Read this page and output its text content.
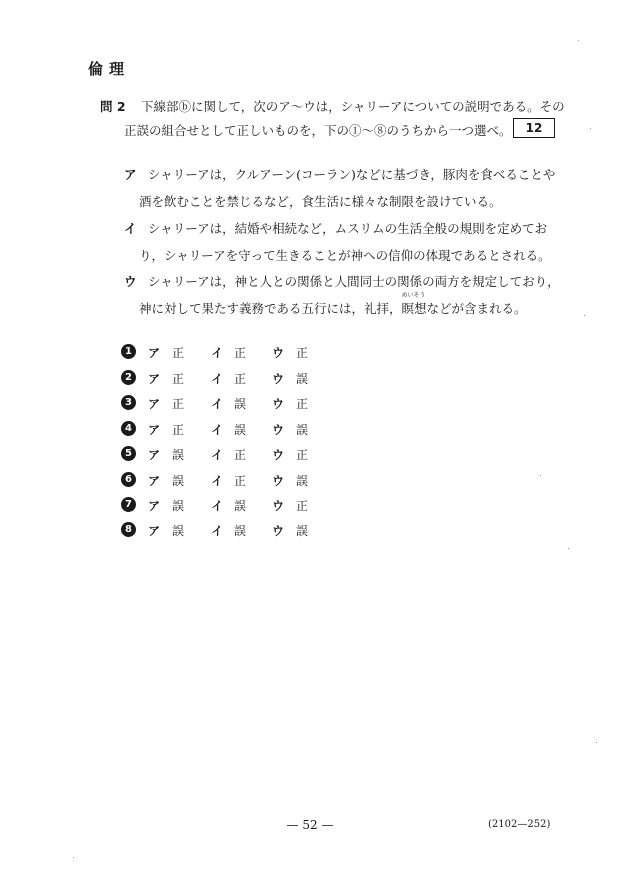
倫理
問 2 下線部ⓑに関して，次のア～ウは，シャリーアについての説明である。その
正誤の組合せとして正しいものを，下の①～⑧のうちから一つ選べ。	12
ア シャリーアは，クルアーン(コーラン)などに基づき，豚肉を食べることや
酒を飲むことを禁じるなど，食生活に様々な制限を設けている。
イ シャリーアは，結婚や相続など，ムスリムの生活全般の規則を定めてお
り，シャリーアを守って生きることが神への信仰の体現であるとされる。
ウ シャリーアは，神と人との関係と人間同士の関係の両方を規定しており，
神に対して果たす義務である五行には，礼拝，
めいそう
瞑想などが含まれる。
1	ア 正 イ 正 ウ 正
2	ア 正 イ 正 ウ 誤
3	ア 正 イ 誤 ウ 正
4	ア 正 イ 誤 ウ 誤
5	ア 誤 イ 正 ウ 正
6	ア 誤 イ 正 ウ 誤
7	ア 誤 イ 誤 ウ 正
8	ア 誤 イ 誤 ウ 誤
— 52 —	(2102—252)
